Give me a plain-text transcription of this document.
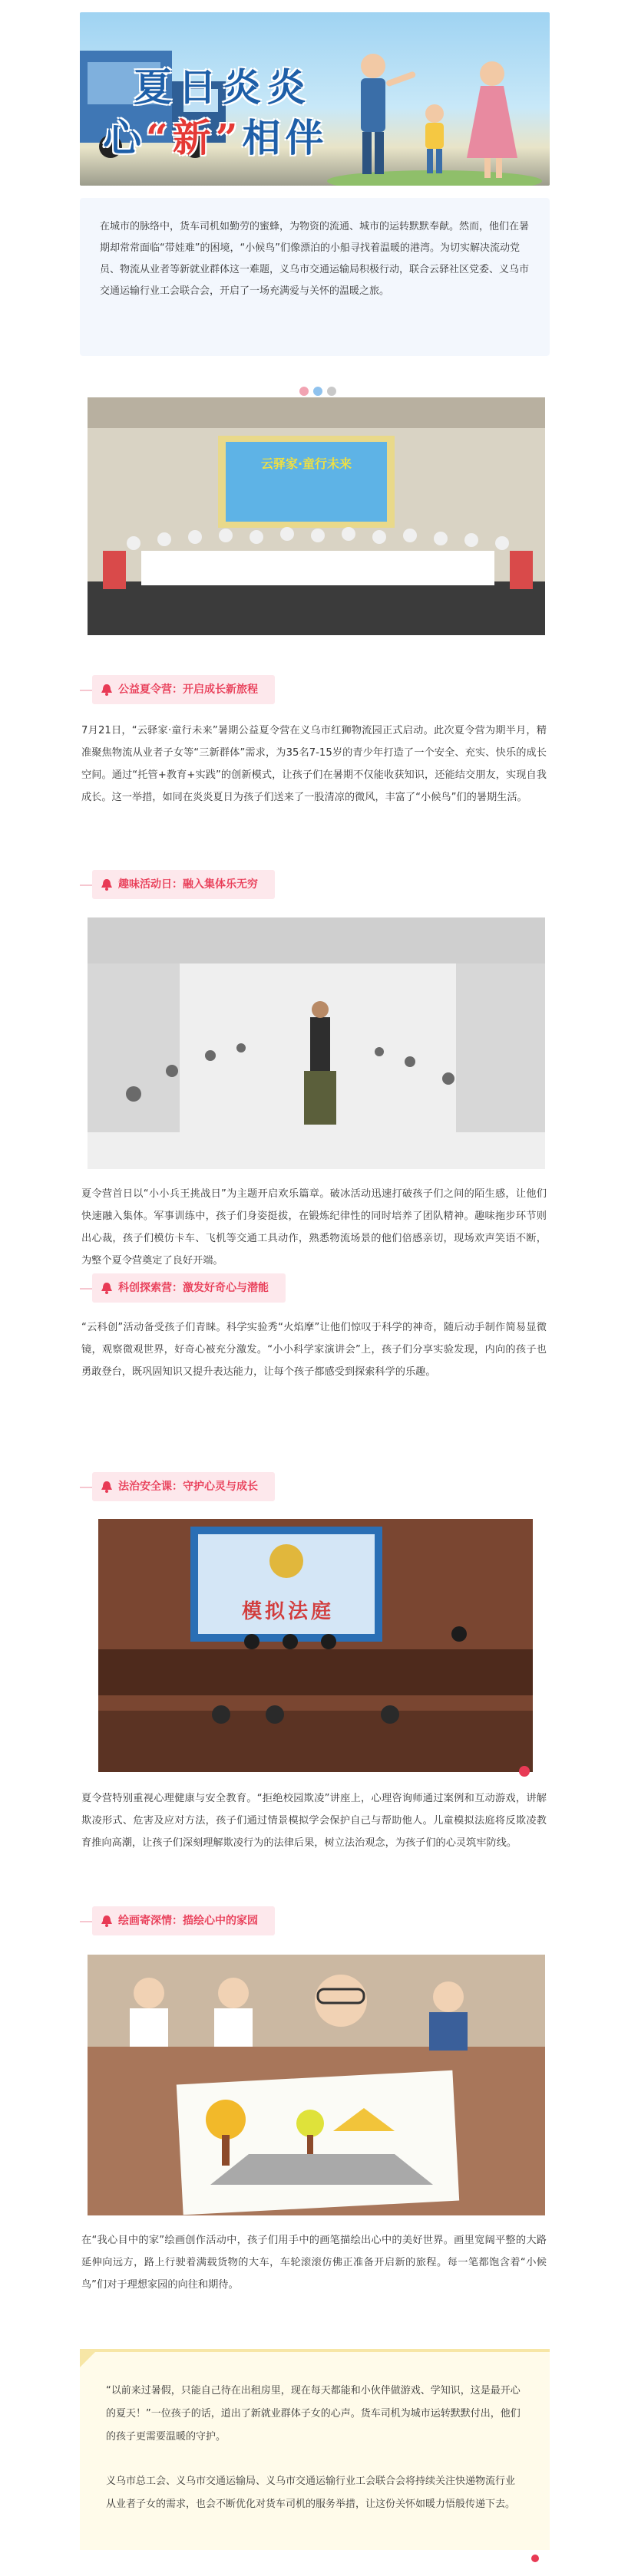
夏日炎炎
心“新”相伴

在城市的脉络中，货车司机如勤劳的蜜蜂，为物资的流通、城市的运转默默奉献。然而，他们在暑期却常常面临“带娃难”的困境，“小候鸟”们像漂泊的小船寻找着温暖的港湾。为切实解决流动党员、物流从业者等新就业群体这一难题，义乌市交通运输局积极行动，联合云驿社区党委、义乌市交通运输行业工会联合会，开启了一场充满爱与关怀的温暖之旅。

云驿家·童行未来
公益夏令营：开启成长新旅程
7月21日，“云驿家·童行未来”暑期公益夏令营在义乌市红狮物流园正式启动。此次夏令营为期半月，精准聚焦物流从业者子女等“三新群体”需求，为35名7-15岁的青少年打造了一个安全、充实、快乐的成长空间。通过“托管+教育+实践”的创新模式，让孩子们在暑期不仅能收获知识，还能结交朋友，实现自我成长。这一举措，如同在炎炎夏日为孩子们送来了一股清凉的微风，丰富了“小候鸟”们的暑期生活。
趣味活动日：融入集体乐无穷
夏令营首日以“小小兵王挑战日”为主题开启欢乐篇章。破冰活动迅速打破孩子们之间的陌生感，让他们快速融入集体。军事训练中，孩子们身姿挺拔，在锻炼纪律性的同时培养了团队精神。趣味拖步环节则出心裁，孩子们模仿卡车、飞机等交通工具动作，熟悉物流场景的他们倍感亲切，现场欢声笑语不断，为整个夏令营奠定了良好开端。
科创探索营：激发好奇心与潜能
“云科创”活动备受孩子们青睐。科学实验秀“火焰摩”让他们惊叹于科学的神奇，随后动手制作简易显微镜，观察微观世界，好奇心被充分激发。“小小科学家演讲会”上，孩子们分享实验发现，内向的孩子也勇敢登台，既巩固知识又提升表达能力，让每个孩子都感受到探索科学的乐趣。
法治安全课：守护心灵与成长
模拟法庭
夏令营特别重视心理健康与安全教育。“拒绝校园欺凌”讲座上，心理咨询师通过案例和互动游戏，讲解欺凌形式、危害及应对方法，孩子们通过情景模拟学会保护自己与帮助他人。儿童模拟法庭将反欺凌教育推向高潮，让孩子们深刻理解欺凌行为的法律后果，树立法治观念，为孩子们的心灵筑牢防线。
绘画寄深情：描绘心中的家园
在“我心目中的家”绘画创作活动中，孩子们用手中的画笔描绘出心中的美好世界。画里宽阔平整的大路延伸向远方，路上行驶着满载货物的大车，车轮滚滚仿佛正准备开启新的旅程。每一笔都饱含着“小候鸟”们对于理想家园的向往和期待。

“以前来过暑假，只能自己待在出租房里，现在每天都能和小伙伴做游戏、学知识，这是最开心的夏天！”一位孩子的话，道出了新就业群体子女的心声。货车司机为城市运转默默付出，他们的孩子更需要温暖的守护。

义乌市总工会、义乌市交通运输局、义乌市交通运输行业工会联合会将持续关注快递物流行业从业者子女的需求，也会不断优化对货车司机的服务举措，让这份关怀如暖力悟般传递下去。
